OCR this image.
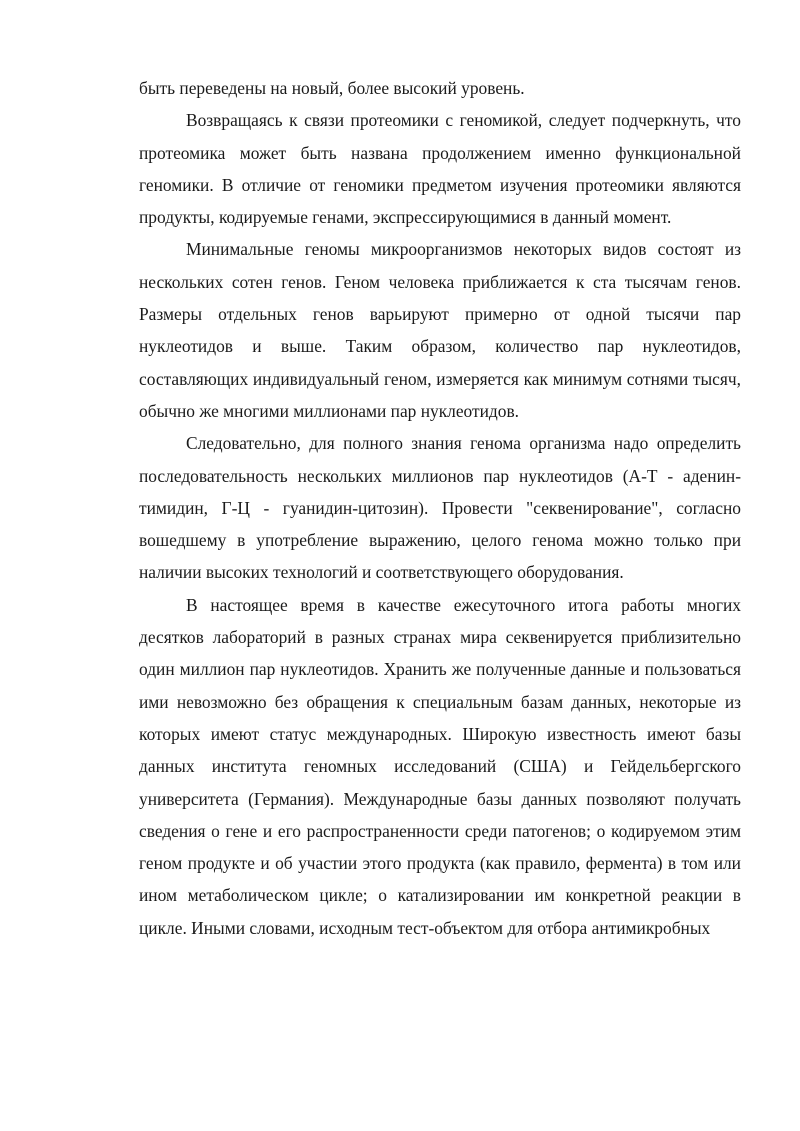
быть переведены на новый, более высокий уровень.

Возвращаясь к связи протеомики с геномикой, следует подчеркнуть, что протеомика может быть названа продолжением именно функциональной геномики. В отличие от геномики предметом изучения протеомики являются продукты, кодируемые генами, экспрессирующимися в данный момент.

Минимальные геномы микроорганизмов некоторых видов состоят из нескольких сотен генов. Геном человека приближается к ста тысячам генов. Размеры отдельных генов варьируют примерно от одной тысячи пар нуклеотидов и выше. Таким образом, количество пар нуклеотидов, составляющих индивидуальный геном, измеряется как минимум сотнями тысяч, обычно же многими миллионами пар нуклеотидов.

Следовательно, для полного знания генома организма надо определить последовательность нескольких миллионов пар нуклеотидов (А-Т - аденин-тимидин, Г-Ц - гуанидин-цитозин). Провести "секвенирование", согласно вошедшему в употребление выражению, целого генома можно только при наличии высоких технологий и соответствующего оборудования.

В настоящее время в качестве ежесуточного итога работы многих десятков лабораторий в разных странах мира секвенируется приблизительно один миллион пар нуклеотидов. Хранить же полученные данные и пользоваться ими невозможно без обращения к специальным базам данных, некоторые из которых имеют статус международных. Широкую известность имеют базы данных института геномных исследований (США) и Гейдельбергского университета (Германия). Международные базы данных позволяют получать сведения о гене и его распространенности среди патогенов; о кодируемом этим геном продукте и об участии этого продукта (как правило, фермента) в том или ином метаболическом цикле; о катализировании им конкретной реакции в цикле. Иными словами, исходным тест-объектом для отбора антимикробных
